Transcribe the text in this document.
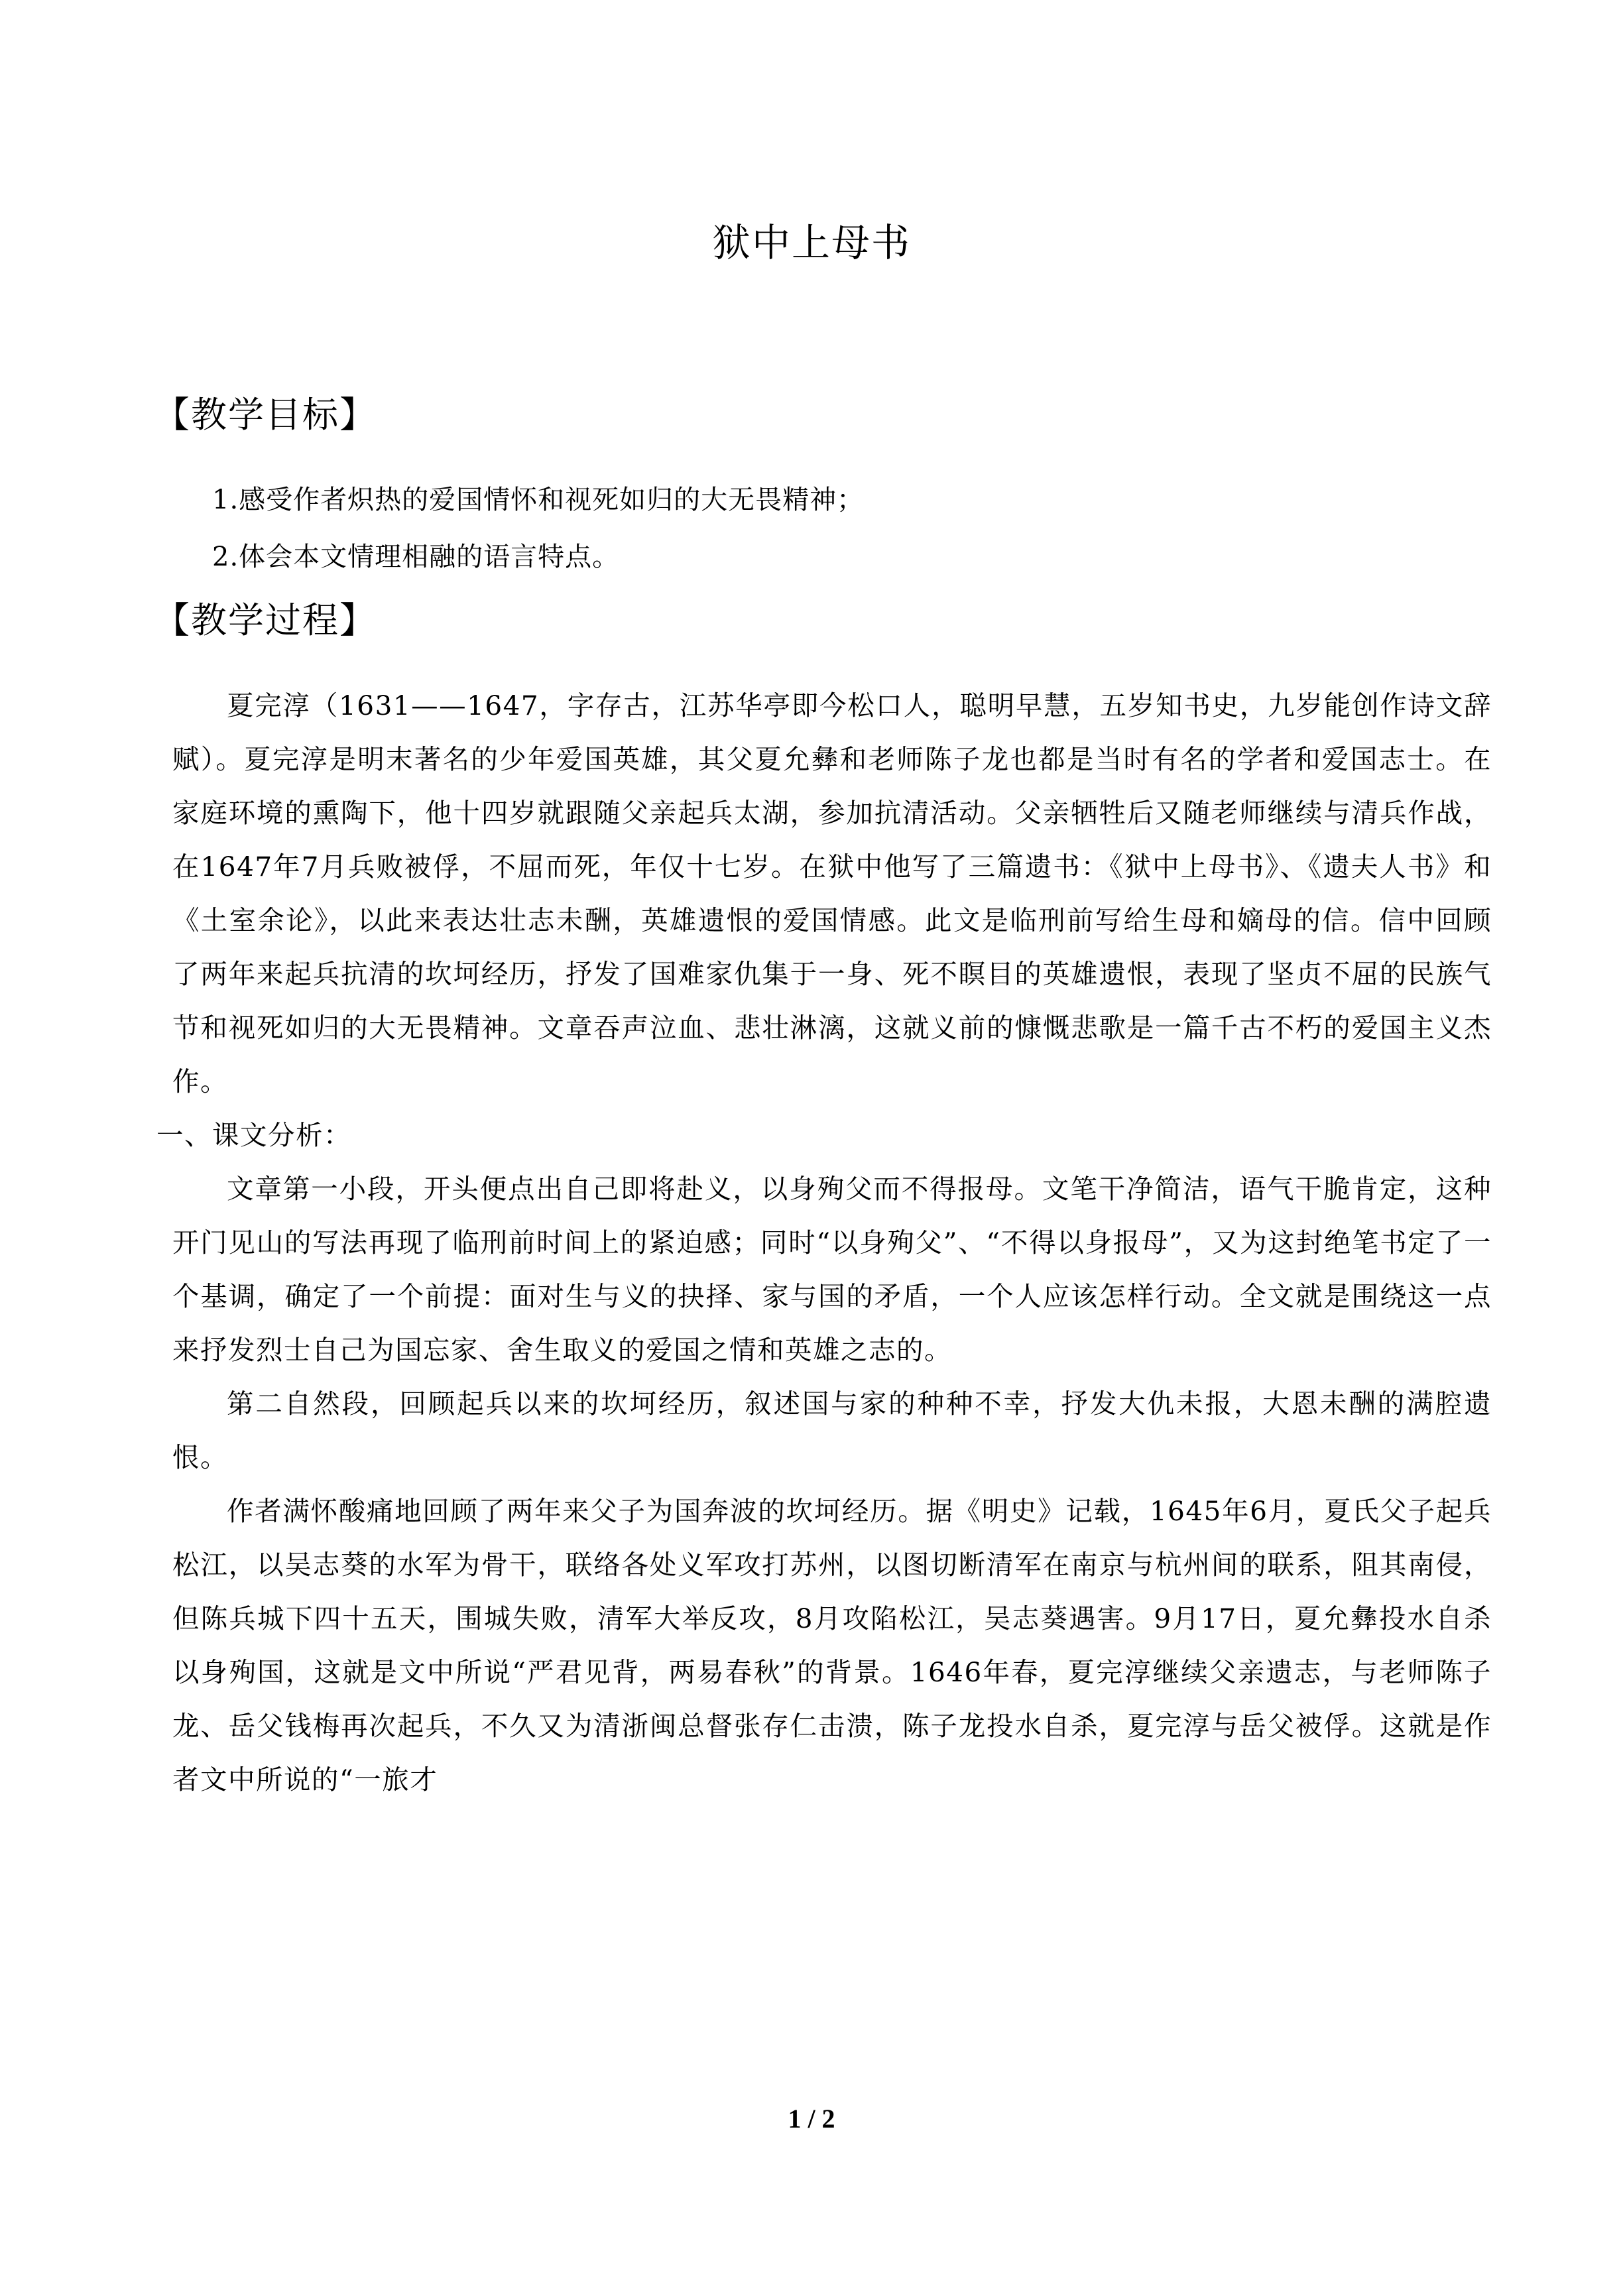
狱中上母书
【教学目标】
1.感受作者炽热的爱国情怀和视死如归的大无畏精神；
2.体会本文情理相融的语言特点。
【教学过程】

夏完淳（1631——1647，字存古，江苏华亭即今松口人，聪明早慧，五岁知书史，九岁能创作诗文辞赋）。夏完淳是明末著名的少年爱国英雄，其父夏允彝和老师陈子龙也都是当时有名的学者和爱国志士。在家庭环境的熏陶下，他十四岁就跟随父亲起兵太湖，参加抗清活动。父亲牺牲后又随老师继续与清兵作战，在1647年7月兵败被俘，不屈而死，年仅十七岁。在狱中他写了三篇遗书：《狱中上母书》、《遗夫人书》和《土室余论》，以此来表达壮志未酬，英雄遗恨的爱国情感。此文是临刑前写给生母和嫡母的信。信中回顾了两年来起兵抗清的坎坷经历，抒发了国难家仇集于一身、死不瞑目的英雄遗恨，表现了坚贞不屈的民族气节和视死如归的大无畏精神。文章吞声泣血、悲壮淋漓，这就义前的慷慨悲歌是一篇千古不朽的爱国主义杰作。

一、课文分析：

文章第一小段，开头便点出自己即将赴义，以身殉父而不得报母。文笔干净简洁，语气干脆肯定，这种开门见山的写法再现了临刑前时间上的紧迫感；同时“以身殉父”、“不得以身报母”，又为这封绝笔书定了一个基调，确定了一个前提：面对生与义的抉择、家与国的矛盾，一个人应该怎样行动。全文就是围绕这一点来抒发烈士自己为国忘家、舍生取义的爱国之情和英雄之志的。

第二自然段，回顾起兵以来的坎坷经历，叙述国与家的种种不幸，抒发大仇未报，大恩未酬的满腔遗恨。

作者满怀酸痛地回顾了两年来父子为国奔波的坎坷经历。据《明史》记载，1645年6月，夏氏父子起兵松江，以吴志葵的水军为骨干，联络各处义军攻打苏州，以图切断清军在南京与杭州间的联系，阻其南侵，但陈兵城下四十五天，围城失败，清军大举反攻，8月攻陷松江，吴志葵遇害。9月17日，夏允彝投水自杀以身殉国，这就是文中所说“严君见背，两易春秋”的背景。1646年春，夏完淳继续父亲遗志，与老师陈子龙、岳父钱梅再次起兵，不久又为清浙闽总督张存仁击溃，陈子龙投水自杀，夏完淳与岳父被俘。这就是作者文中所说的“一旅才

1 / 2
